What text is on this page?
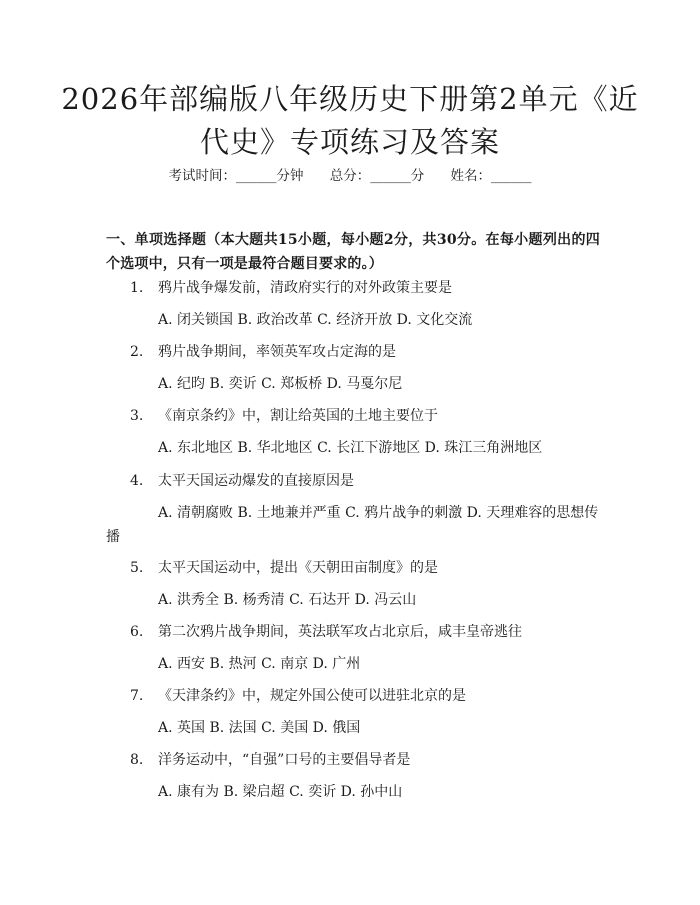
2026年部编版八年级历史下册第2单元《近
代史》专项练习及答案
考试时间：______分钟 总分：______分 姓名：______
一、单项选择题（本大题共15小题，每小题2分，共30分。在每小题列出的四个选项中，只有一项是最符合题目要求的。）
1. 鸦片战争爆发前，清政府实行的对外政策主要是
A. 闭关锁国 B. 政治改革 C. 经济开放 D. 文化交流
2. 鸦片战争期间，率领英军攻占定海的是
A. 纪昀 B. 奕䜣 C. 郑板桥 D. 马戛尔尼
3. 《南京条约》中，割让给英国的土地主要位于
A. 东北地区 B. 华北地区 C. 长江下游地区 D. 珠江三角洲地区
4. 太平天国运动爆发的直接原因是
A. 清朝腐败 B. 土地兼并严重 C. 鸦片战争的刺激 D. 天理难容的思想传播
5. 太平天国运动中，提出《天朝田亩制度》的是
A. 洪秀全 B. 杨秀清 C. 石达开 D. 冯云山
6. 第二次鸦片战争期间，英法联军攻占北京后，咸丰皇帝逃往
A. 西安 B. 热河 C. 南京 D. 广州
7. 《天津条约》中，规定外国公使可以进驻北京的是
A. 英国 B. 法国 C. 美国 D. 俄国
8. 洋务运动中，“自强”口号的主要倡导者是
A. 康有为 B. 梁启超 C. 奕䜣 D. 孙中山
